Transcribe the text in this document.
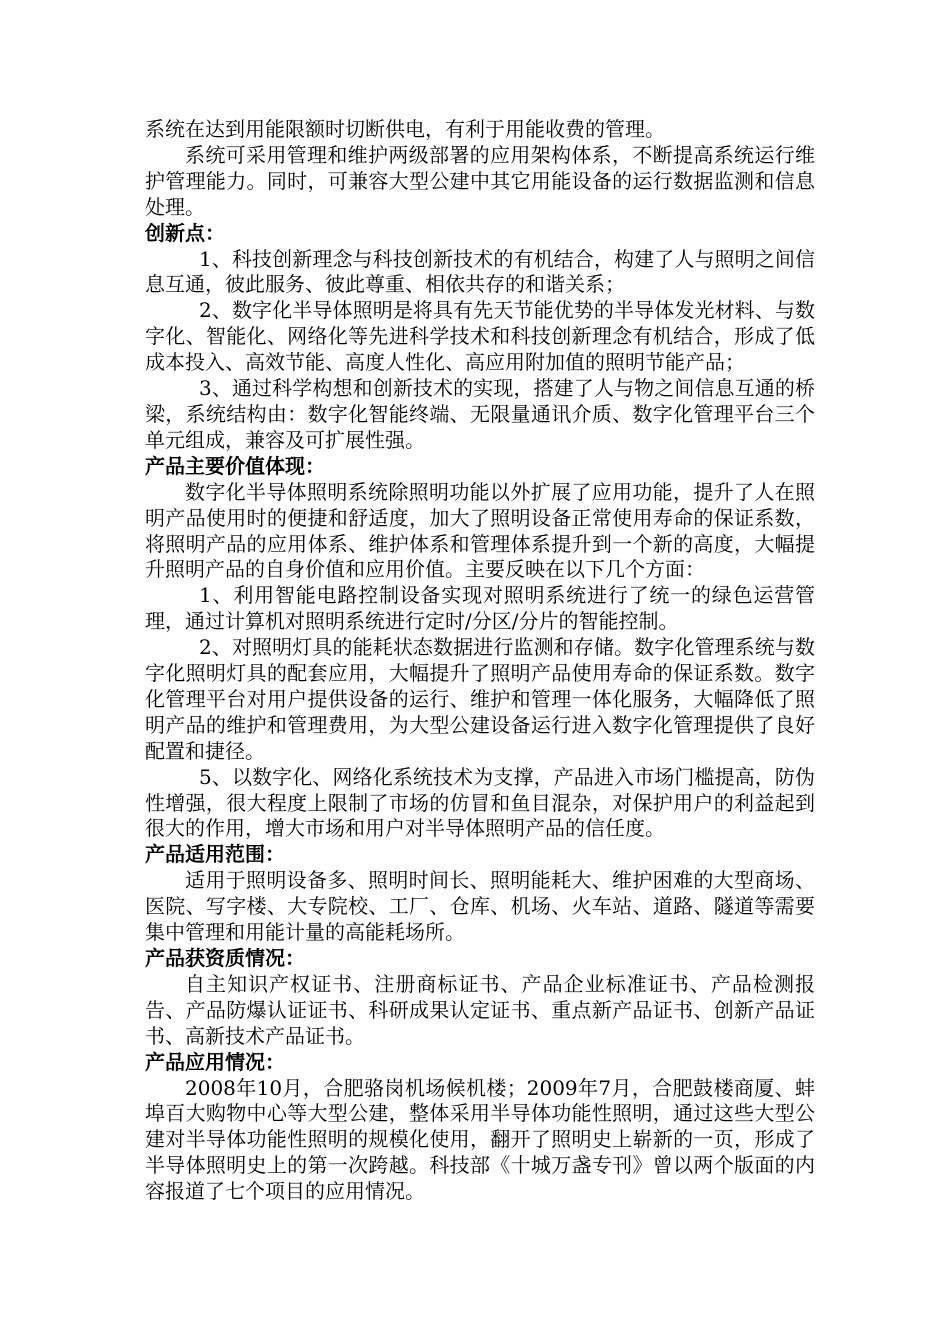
系统在达到用能限额时切断供电，有利于用能收费的管理。

系统可采用管理和维护两级部署的应用架构体系，不断提高系统运行维护管理能力。同时，可兼容大型公建中其它用能设备的运行数据监测和信息处理。

创新点：

1、科技创新理念与科技创新技术的有机结合，构建了人与照明之间信息互通，彼此服务、彼此尊重、相依共存的和谐关系；

2、数字化半导体照明是将具有先天节能优势的半导体发光材料、与数字化、智能化、网络化等先进科学技术和科技创新理念有机结合，形成了低成本投入、高效节能、高度人性化、高应用附加值的照明节能产品；

3、通过科学构想和创新技术的实现，搭建了人与物之间信息互通的桥梁，系统结构由：数字化智能终端、无限量通讯介质、数字化管理平台三个单元组成，兼容及可扩展性强。

产品主要价值体现：

数字化半导体照明系统除照明功能以外扩展了应用功能，提升了人在照明产品使用时的便捷和舒适度，加大了照明设备正常使用寿命的保证系数，将照明产品的应用体系、维护体系和管理体系提升到一个新的高度，大幅提升照明产品的自身价值和应用价值。主要反映在以下几个方面：

1、利用智能电路控制设备实现对照明系统进行了统一的绿色运营管理，通过计算机对照明系统进行定时/分区/分片的智能控制。

2、对照明灯具的能耗状态数据进行监测和存储。数字化管理系统与数字化照明灯具的配套应用，大幅提升了照明产品使用寿命的保证系数。数字化管理平台对用户提供设备的运行、维护和管理一体化服务，大幅降低了照明产品的维护和管理费用，为大型公建设备运行进入数字化管理提供了良好配置和捷径。

5、以数字化、网络化系统技术为支撑，产品进入市场门槛提高，防伪性增强，很大程度上限制了市场的仿冒和鱼目混杂，对保护用户的利益起到很大的作用，增大市场和用户对半导体照明产品的信任度。

产品适用范围：

适用于照明设备多、照明时间长、照明能耗大、维护困难的大型商场、医院、写字楼、大专院校、工厂、仓库、机场、火车站、道路、隧道等需要集中管理和用能计量的高能耗场所。

产品获资质情况：

自主知识产权证书、注册商标证书、产品企业标准证书、产品检测报告、产品防爆认证证书、科研成果认定证书、重点新产品证书、创新产品证书、高新技术产品证书。

产品应用情况：

2008年10月，合肥骆岗机场候机楼；2009年7月，合肥鼓楼商厦、蚌埠百大购物中心等大型公建，整体采用半导体功能性照明，通过这些大型公建对半导体功能性照明的规模化使用，翻开了照明史上崭新的一页，形成了半导体照明史上的第一次跨越。科技部《十城万盏专刊》曾以两个版面的内容报道了七个项目的应用情况。
